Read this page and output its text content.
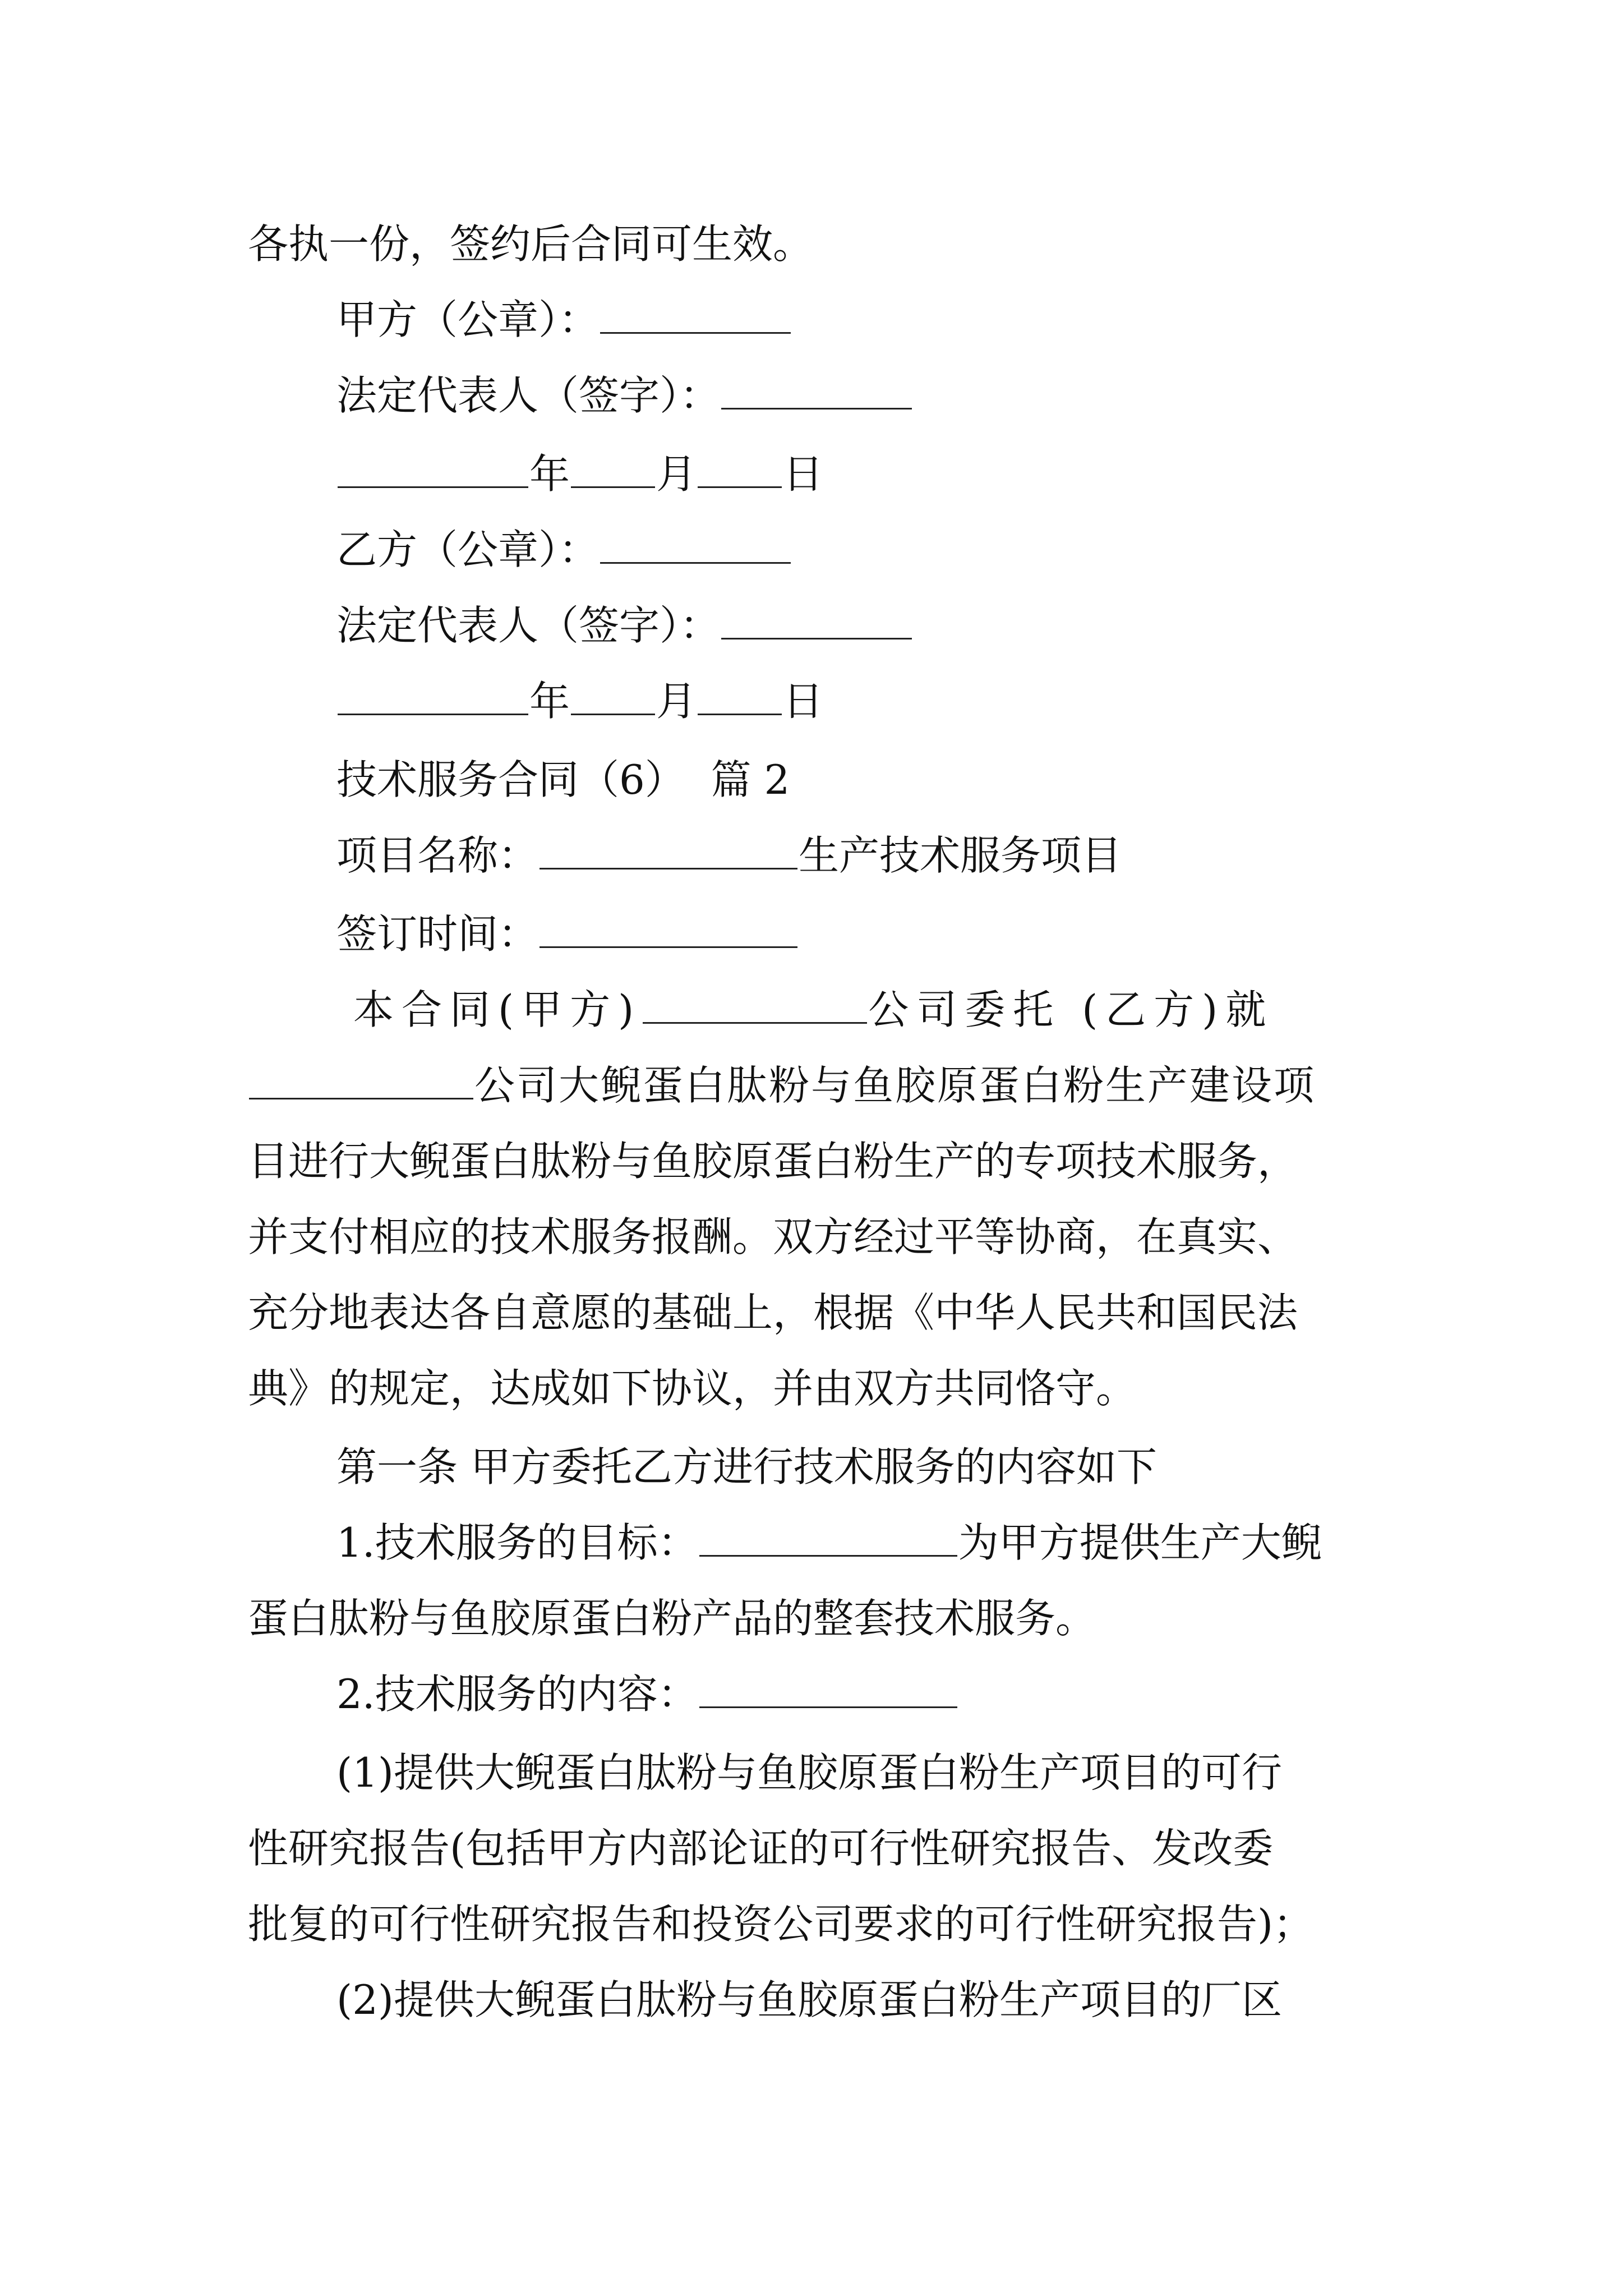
各执一份，签约后合同可生效。
甲方（公章）：
法定代表人（签字）：
年 月 日
乙方（公章）：
法定代表人（签字）：
年 月 日
技术服务合同（6）  篇 2
项目名称：	生产技术服务项目
签订时间：
本合同(甲方)	公司委托 (乙方)就
公司大鲵蛋白肽粉与鱼胶原蛋白粉生产建设项
目进行大鲵蛋白肽粉与鱼胶原蛋白粉生产的专项技术服务，
并支付相应的技术服务报酬。双方经过平等协商，在真实、
充分地表达各自意愿的基础上，根据《中华人民共和国民法
典》的规定，达成如下协议，并由双方共同恪守。
第一条 甲方委托乙方进行技术服务的内容如下
1.技术服务的目标：	为甲方提供生产大鲵
蛋白肽粉与鱼胶原蛋白粉产品的整套技术服务。
2.技术服务的内容：
(1)提供大鲵蛋白肽粉与鱼胶原蛋白粉生产项目的可行
性研究报告(包括甲方内部论证的可行性研究报告、发改委
批复的可行性研究报告和投资公司要求的可行性研究报告)；
(2)提供大鲵蛋白肽粉与鱼胶原蛋白粉生产项目的厂区
